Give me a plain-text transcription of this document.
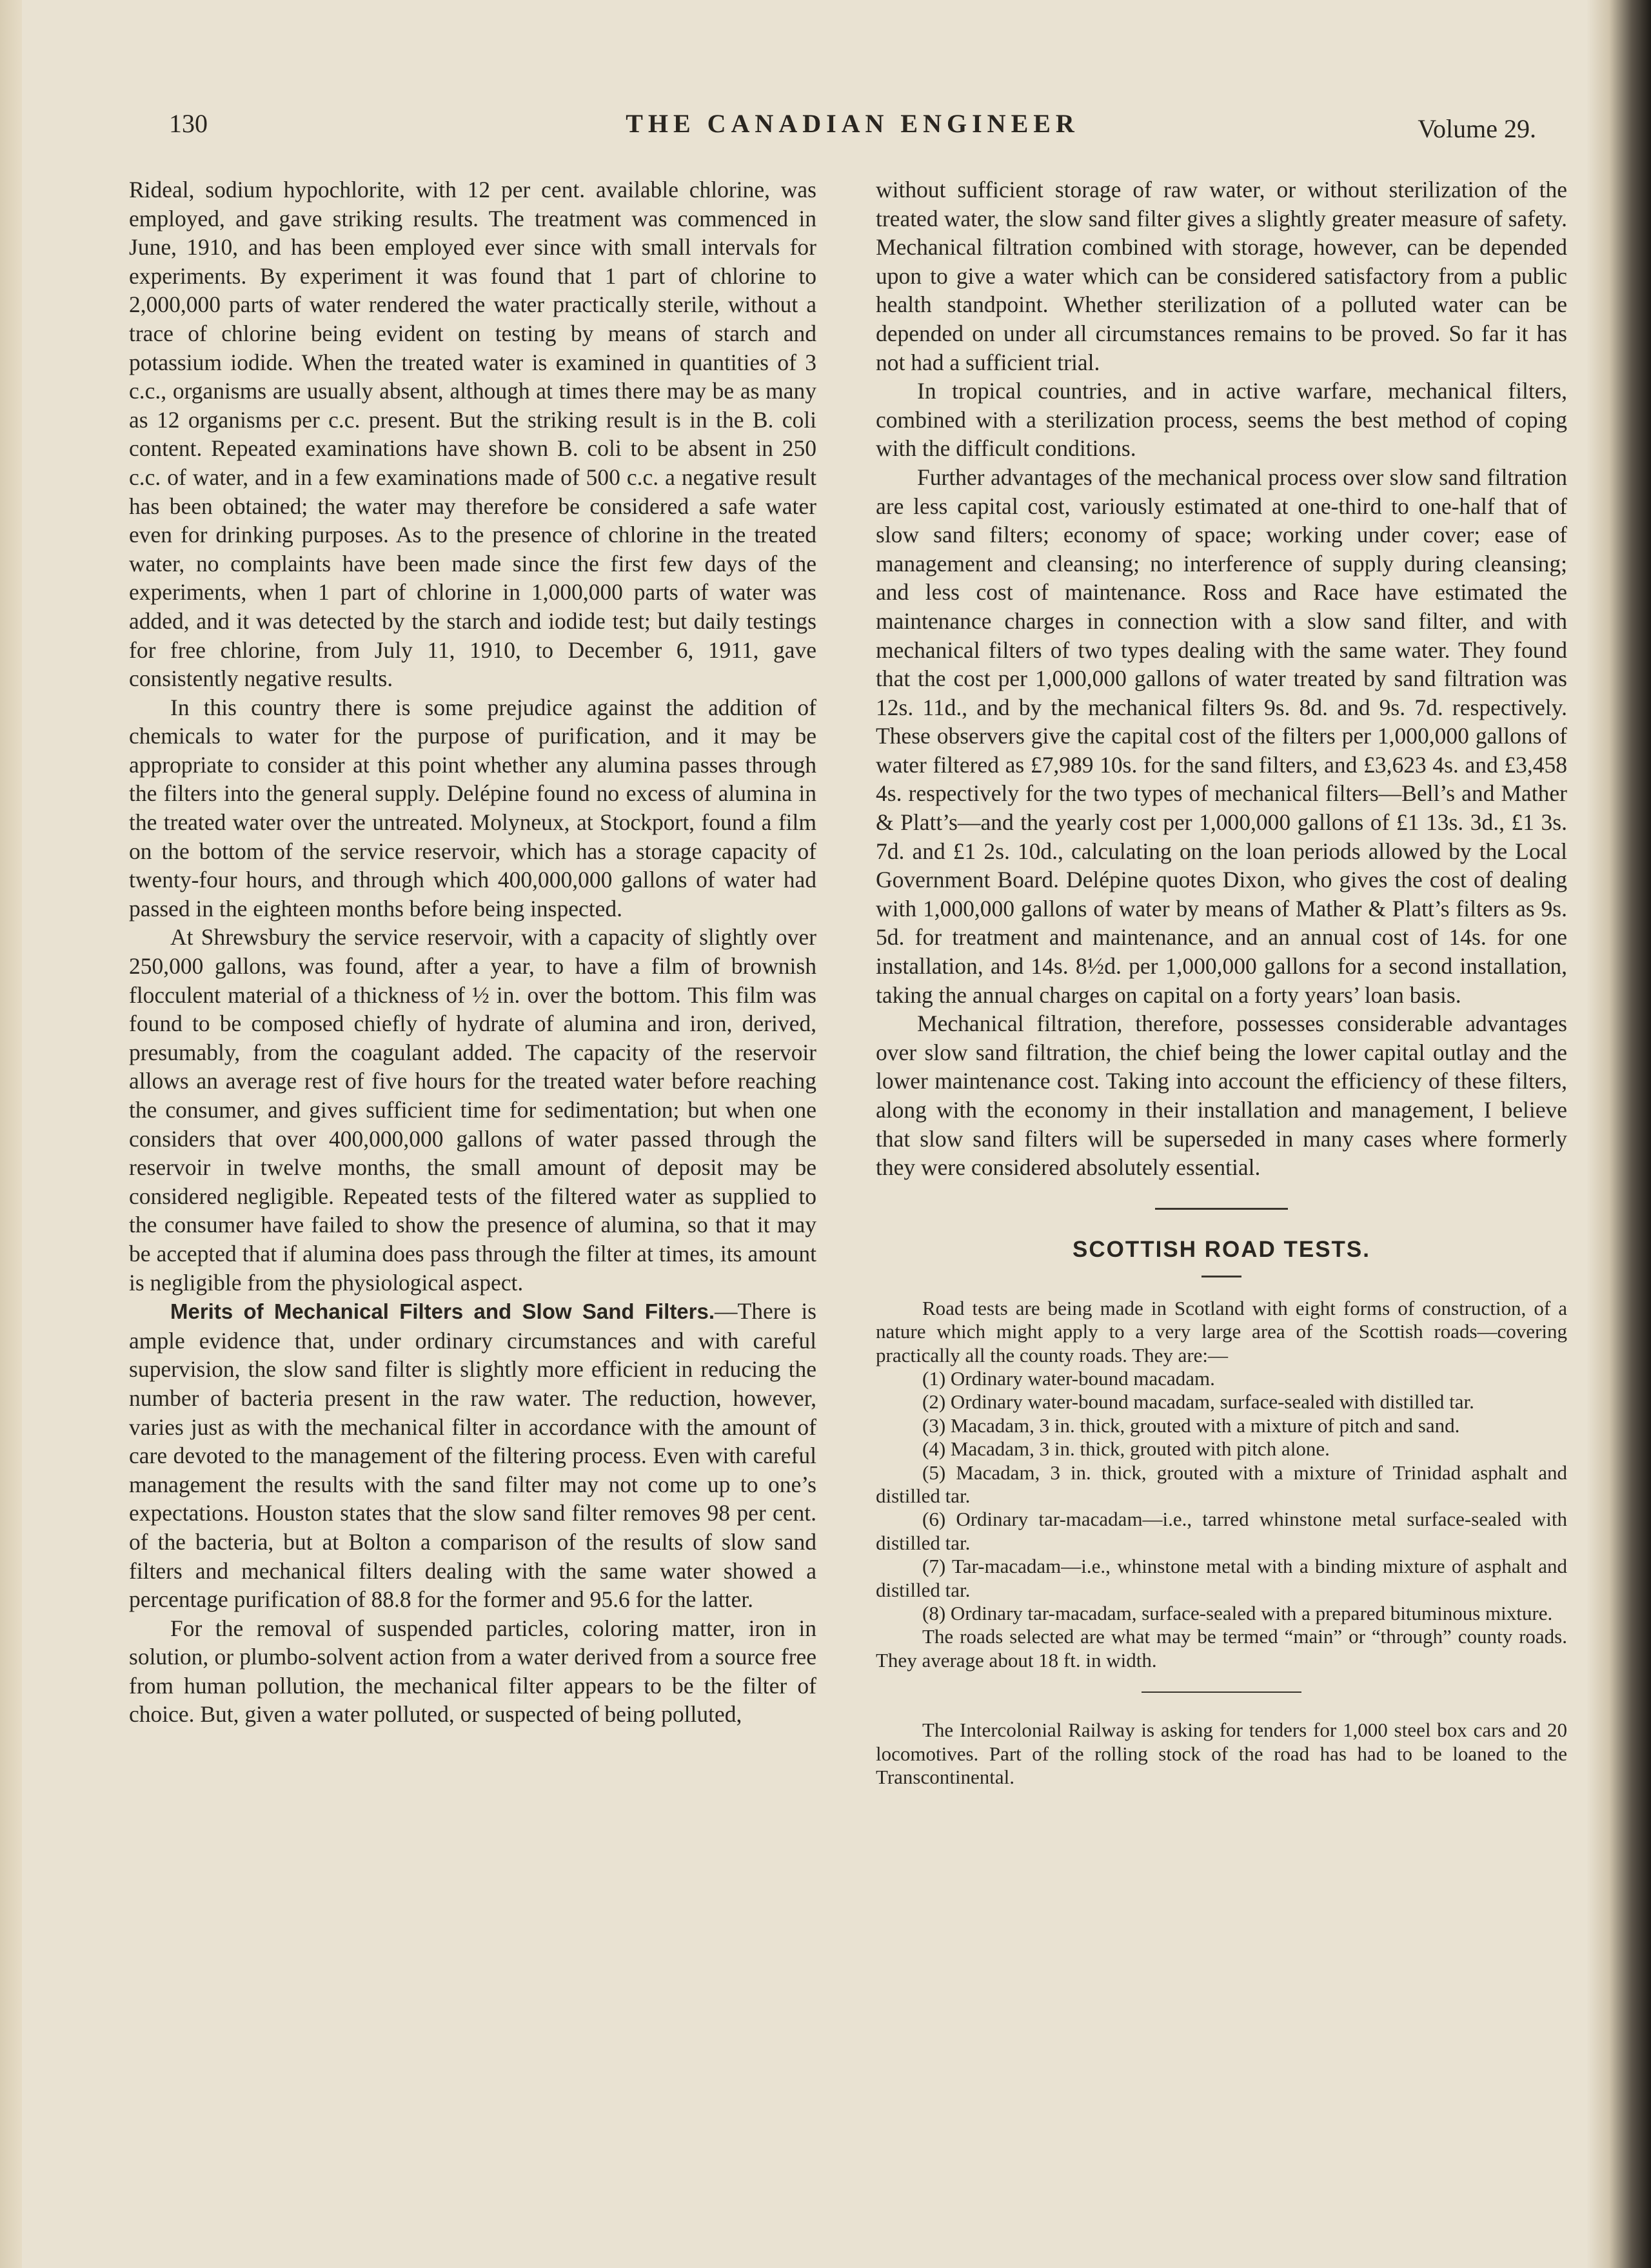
130	THE CANADIAN ENGINEER	Volume 29.

Rideal, sodium hypochlorite, with 12 per cent. available chlorine, was employed, and gave striking results. The treatment was commenced in June, 1910, and has been employed ever since with small intervals for experiments. By experiment it was found that 1 part of chlorine to 2,000,000 parts of water rendered the water practically sterile, without a trace of chlorine being evident on testing by means of starch and potassium iodide. When the treated water is examined in quantities of 3 c.c., organisms are usually absent, although at times there may be as many as 12 organisms per c.c. present. But the striking result is in the B. coli content. Repeated examinations have shown B. coli to be absent in 250 c.c. of water, and in a few examinations made of 500 c.c. a negative result has been obtained; the water may therefore be considered a safe water even for drinking purposes. As to the presence of chlorine in the treated water, no complaints have been made since the first few days of the experiments, when 1 part of chlorine in 1,000,000 parts of water was added, and it was detected by the starch and iodide test; but daily testings for free chlorine, from July 11, 1910, to December 6, 1911, gave consistently negative results.

In this country there is some prejudice against the addition of chemicals to water for the purpose of purification, and it may be appropriate to consider at this point whether any alumina passes through the filters into the general supply. Delépine found no excess of alumina in the treated water over the untreated. Molyneux, at Stockport, found a film on the bottom of the service reservoir, which has a storage capacity of twenty-four hours, and through which 400,000,000 gallons of water had passed in the eighteen months before being inspected.

At Shrewsbury the service reservoir, with a capacity of slightly over 250,000 gallons, was found, after a year, to have a film of brownish flocculent material of a thickness of ½ in. over the bottom. This film was found to be composed chiefly of hydrate of alumina and iron, derived, presumably, from the coagulant added. The capacity of the reservoir allows an average rest of five hours for the treated water before reaching the consumer, and gives sufficient time for sedimentation; but when one considers that over 400,000,000 gallons of water passed through the reservoir in twelve months, the small amount of deposit may be considered negligible. Repeated tests of the filtered water as supplied to the consumer have failed to show the presence of alumina, so that it may be accepted that if alumina does pass through the filter at times, its amount is negligible from the physiological aspect.

Merits of Mechanical Filters and Slow Sand Filters.—There is ample evidence that, under ordinary circumstances and with careful supervision, the slow sand filter is slightly more efficient in reducing the number of bacteria present in the raw water. The reduction, however, varies just as with the mechanical filter in accordance with the amount of care devoted to the management of the filtering process. Even with careful management the results with the sand filter may not come up to one’s expectations. Houston states that the slow sand filter removes 98 per cent. of the bacteria, but at Bolton a comparison of the results of slow sand filters and mechanical filters dealing with the same water showed a percentage purification of 88.8 for the former and 95.6 for the latter.

For the removal of suspended particles, coloring matter, iron in solution, or plumbo-solvent action from a water derived from a source free from human pollution, the mechanical filter appears to be the filter of choice. But, given a water polluted, or suspected of being polluted,

without sufficient storage of raw water, or without sterilization of the treated water, the slow sand filter gives a slightly greater measure of safety. Mechanical filtration combined with storage, however, can be depended upon to give a water which can be considered satisfactory from a public health standpoint. Whether sterilization of a polluted water can be depended on under all circumstances remains to be proved. So far it has not had a sufficient trial.

In tropical countries, and in active warfare, mechanical filters, combined with a sterilization process, seems the best method of coping with the difficult conditions.

Further advantages of the mechanical process over slow sand filtration are less capital cost, variously estimated at one-third to one-half that of slow sand filters; economy of space; working under cover; ease of management and cleansing; no interference of supply during cleansing; and less cost of maintenance. Ross and Race have estimated the maintenance charges in connection with a slow sand filter, and with mechanical filters of two types dealing with the same water. They found that the cost per 1,000,000 gallons of water treated by sand filtration was 12s. 11d., and by the mechanical filters 9s. 8d. and 9s. 7d. respectively. These observers give the capital cost of the filters per 1,000,000 gallons of water filtered as £7,989 10s. for the sand filters, and £3,623 4s. and £3,458 4s. respectively for the two types of mechanical filters—Bell’s and Mather & Platt’s—and the yearly cost per 1,000,000 gallons of £1 13s. 3d., £1 3s. 7d. and £1 2s. 10d., calculating on the loan periods allowed by the Local Government Board. Delépine quotes Dixon, who gives the cost of dealing with 1,000,000 gallons of water by means of Mather & Platt’s filters as 9s. 5d. for treatment and maintenance, and an annual cost of 14s. for one installation, and 14s. 8½d. per 1,000,000 gallons for a second installation, taking the annual charges on capital on a forty years’ loan basis.

Mechanical filtration, therefore, possesses considerable advantages over slow sand filtration, the chief being the lower capital outlay and the lower maintenance cost. Taking into account the efficiency of these filters, along with the economy in their installation and management, I believe that slow sand filters will be superseded in many cases where formerly they were considered absolutely essential.

SCOTTISH ROAD TESTS.

Road tests are being made in Scotland with eight forms of construction, of a nature which might apply to a very large area of the Scottish roads—covering practically all the county roads. They are:—

(1) Ordinary water-bound macadam.

(2) Ordinary water-bound macadam, surface-sealed with distilled tar.

(3) Macadam, 3 in. thick, grouted with a mixture of pitch and sand.

(4) Macadam, 3 in. thick, grouted with pitch alone.

(5) Macadam, 3 in. thick, grouted with a mixture of Trinidad asphalt and distilled tar.

(6) Ordinary tar-macadam—i.e., tarred whinstone metal surface-sealed with distilled tar.

(7) Tar-macadam—i.e., whinstone metal with a binding mixture of asphalt and distilled tar.

(8) Ordinary tar-macadam, surface-sealed with a prepared bituminous mixture.

The roads selected are what may be termed “main” or “through” county roads. They average about 18 ft. in width.

The Intercolonial Railway is asking for tenders for 1,000 steel box cars and 20 locomotives. Part of the rolling stock of the road has had to be loaned to the Transcontinental.
